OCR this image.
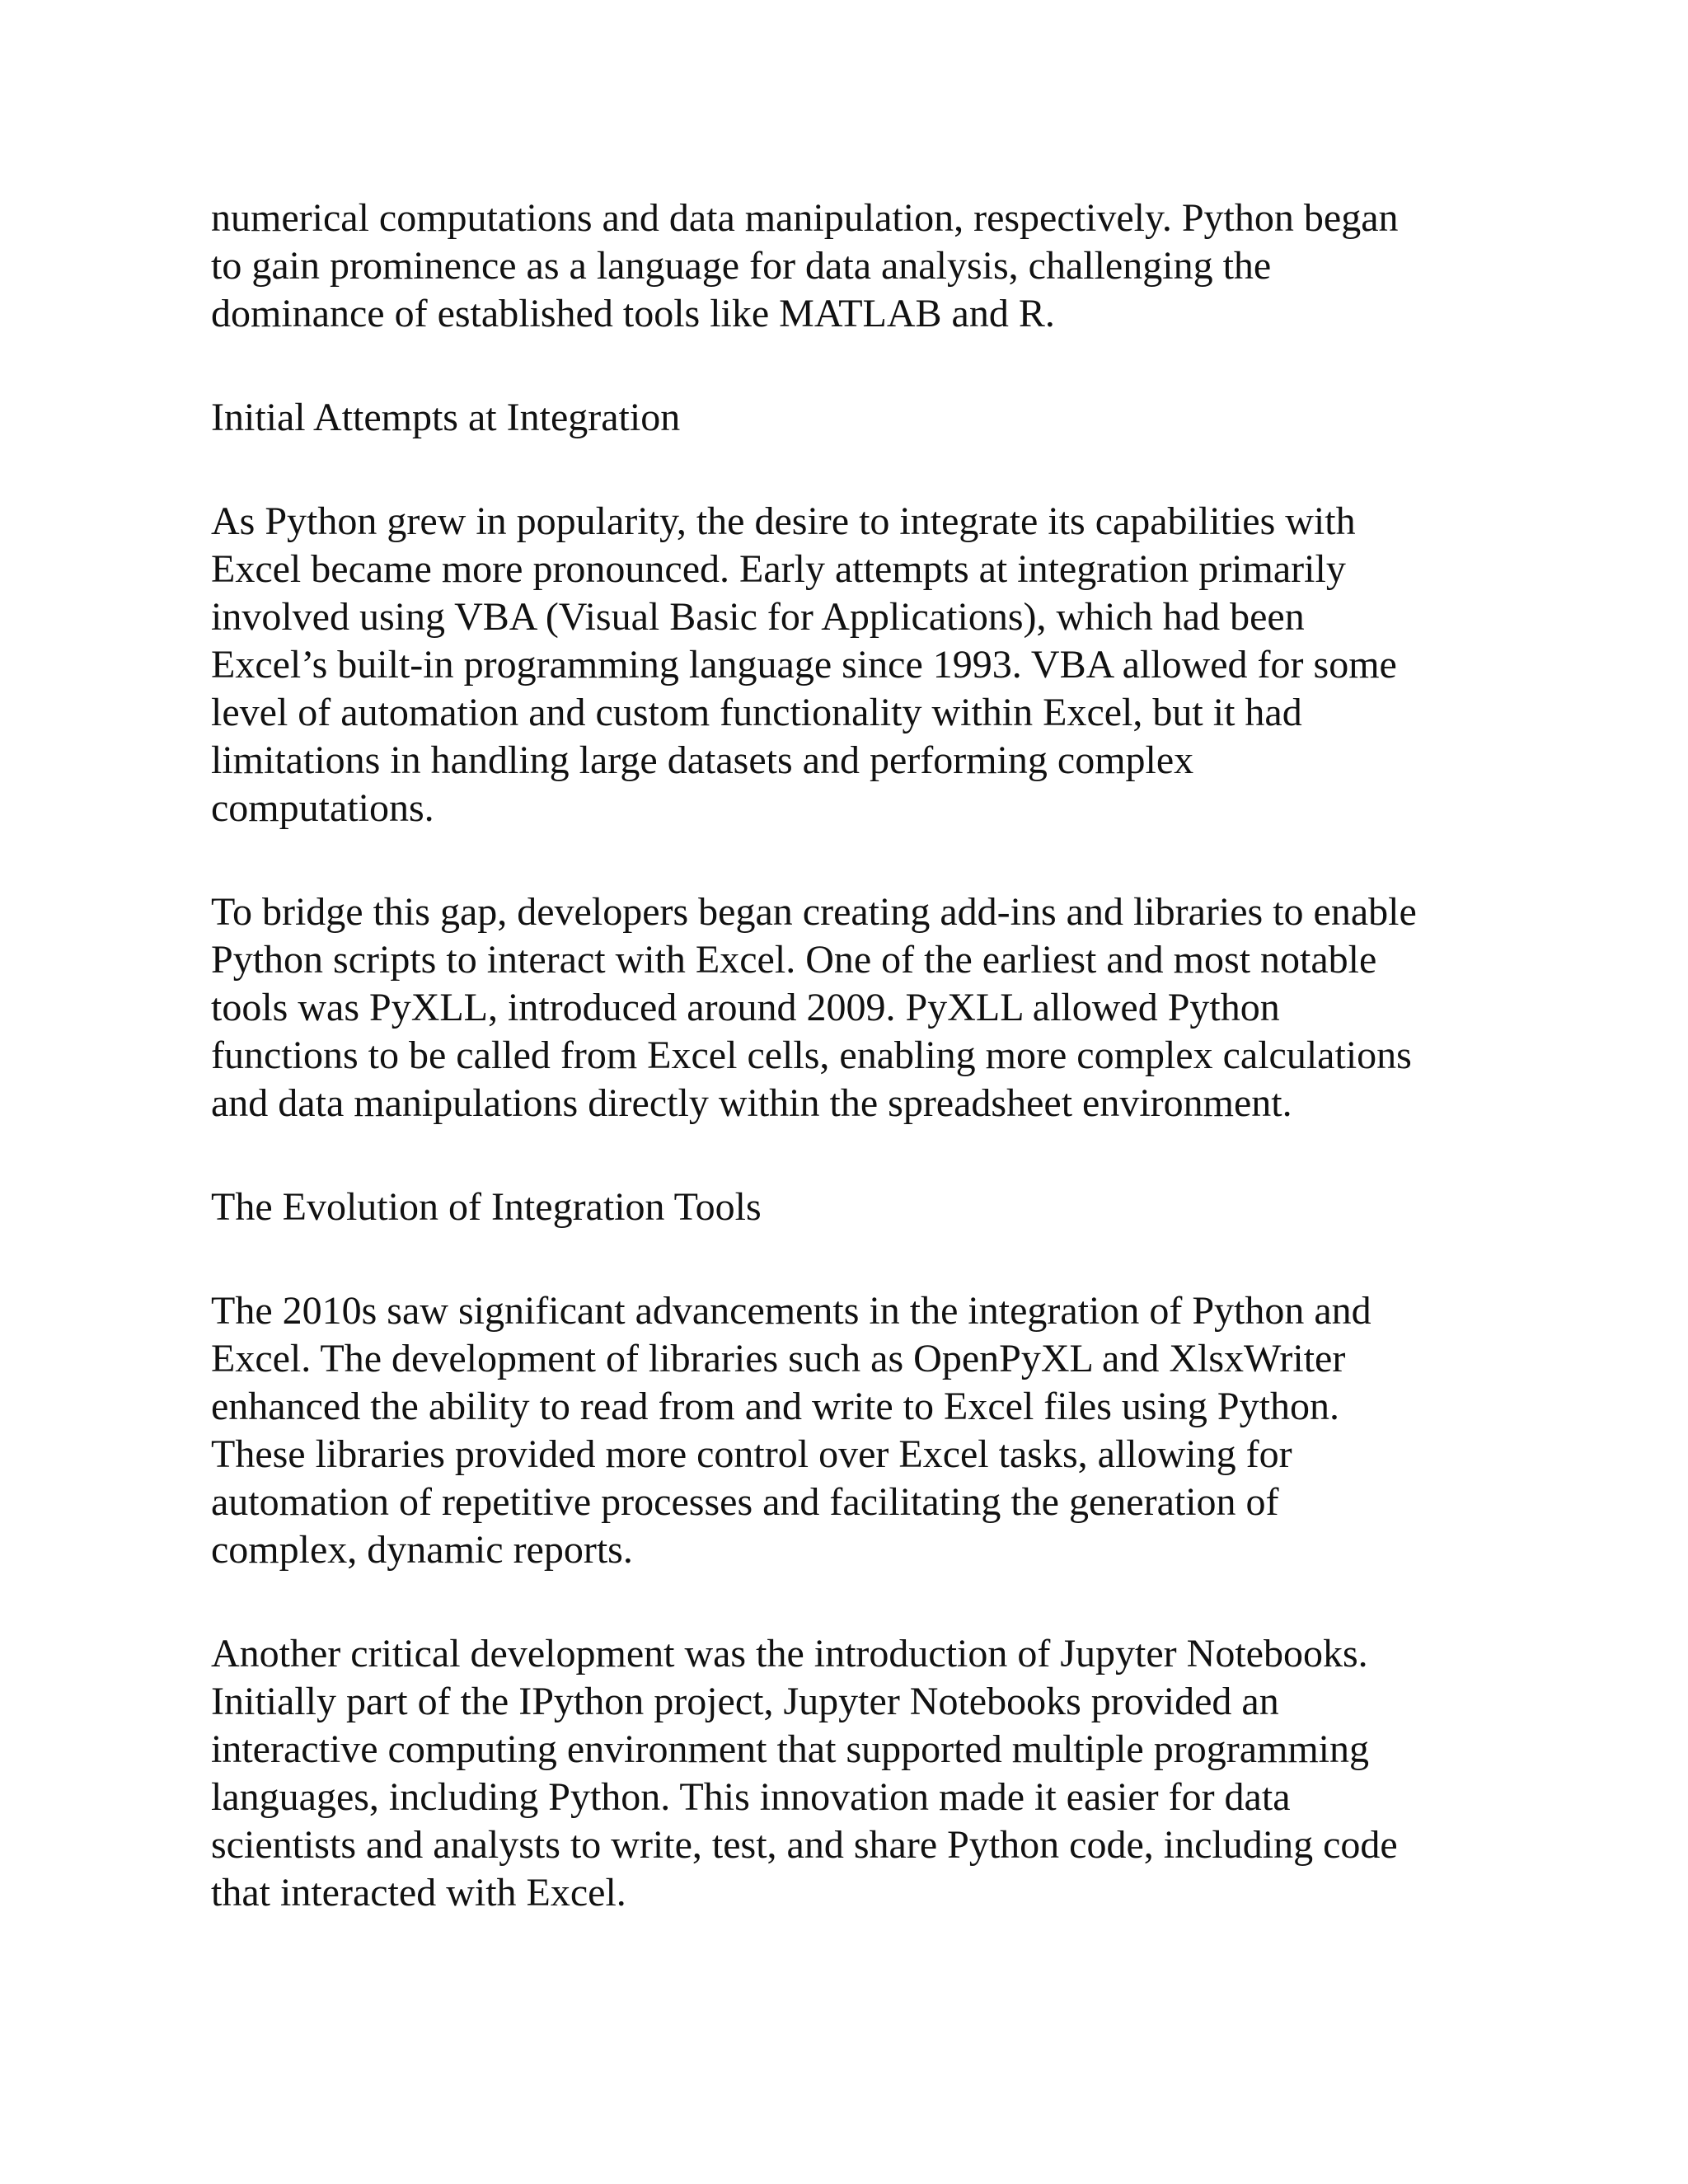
numerical computations and data manipulation, respectively. Python began
to gain prominence as a language for data analysis, challenging the
dominance of established tools like MATLAB and R.

Initial Attempts at Integration

As Python grew in popularity, the desire to integrate its capabilities with
Excel became more pronounced. Early attempts at integration primarily
involved using VBA (Visual Basic for Applications), which had been
Excel’s built-in programming language since 1993. VBA allowed for some
level of automation and custom functionality within Excel, but it had
limitations in handling large datasets and performing complex
computations.

To bridge this gap, developers began creating add-ins and libraries to enable
Python scripts to interact with Excel. One of the earliest and most notable
tools was PyXLL, introduced around 2009. PyXLL allowed Python
functions to be called from Excel cells, enabling more complex calculations
and data manipulations directly within the spreadsheet environment.

The Evolution of Integration Tools

The 2010s saw significant advancements in the integration of Python and
Excel. The development of libraries such as OpenPyXL and XlsxWriter
enhanced the ability to read from and write to Excel files using Python.
These libraries provided more control over Excel tasks, allowing for
automation of repetitive processes and facilitating the generation of
complex, dynamic reports.

Another critical development was the introduction of Jupyter Notebooks.
Initially part of the IPython project, Jupyter Notebooks provided an
interactive computing environment that supported multiple programming
languages, including Python. This innovation made it easier for data
scientists and analysts to write, test, and share Python code, including code
that interacted with Excel.
